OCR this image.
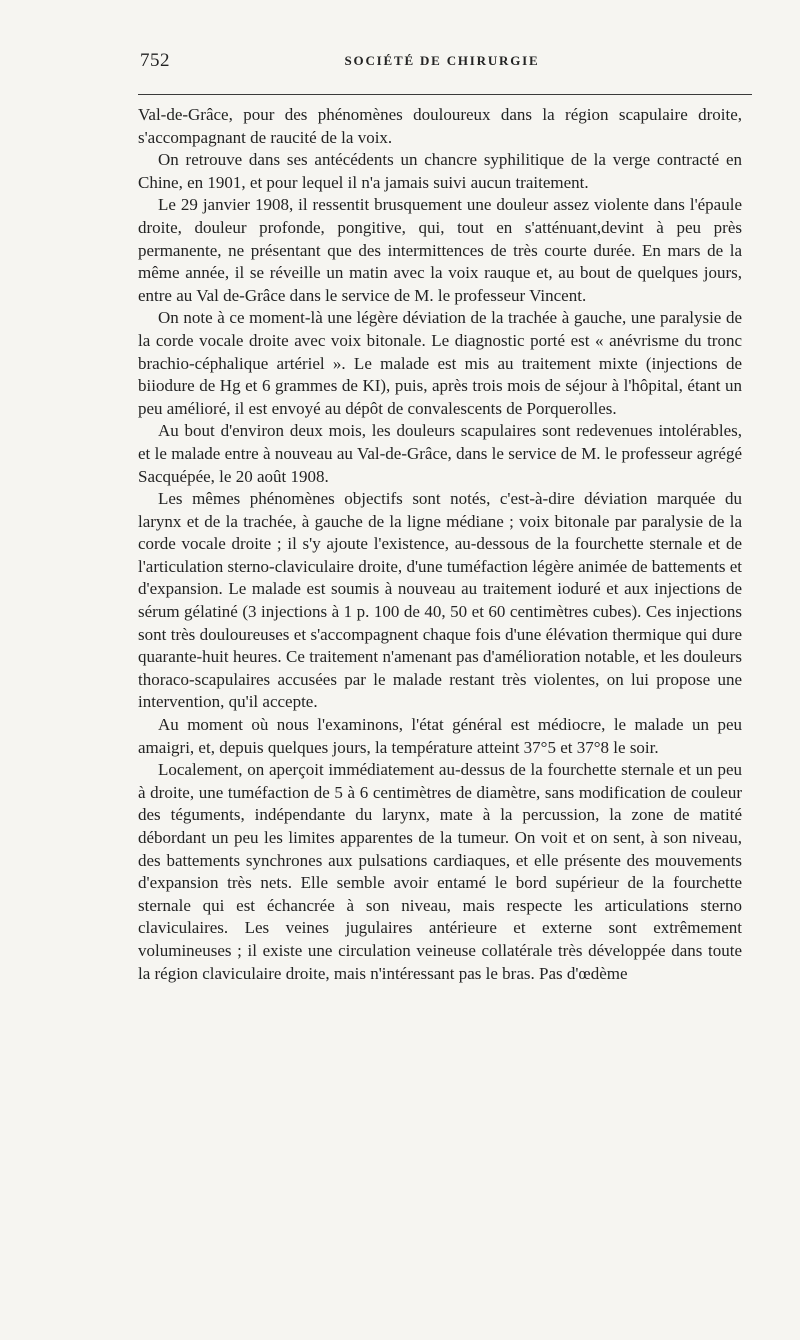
752	SOCIÉTÉ DE CHIRURGIE

Val-de-Grâce, pour des phénomènes douloureux dans la région scapulaire droite, s'accompagnant de raucité de la voix.

On retrouve dans ses antécédents un chancre syphilitique de la verge contracté en Chine, en 1901, et pour lequel il n'a jamais suivi aucun traitement.

Le 29 janvier 1908, il ressentit brusquement une douleur assez violente dans l'épaule droite, douleur profonde, pongitive, qui, tout en s'atténuant,devint à peu près permanente, ne présentant que des intermittences de très courte durée. En mars de la même année, il se réveille un matin avec la voix rauque et, au bout de quelques jours, entre au Val de-Grâce dans le service de M. le professeur Vincent.

On note à ce moment-là une légère déviation de la trachée à gauche, une paralysie de la corde vocale droite avec voix bitonale. Le diagnostic porté est « anévrisme du tronc brachio-céphalique artériel ». Le malade est mis au traitement mixte (injections de biiodure de Hg et 6 grammes de KI), puis, après trois mois de séjour à l'hôpital, étant un peu amélioré, il est envoyé au dépôt de convalescents de Porquerolles.

Au bout d'environ deux mois, les douleurs scapulaires sont redevenues intolérables, et le malade entre à nouveau au Val-de-Grâce, dans le service de M. le professeur agrégé Sacquépée, le 20 août 1908.

Les mêmes phénomènes objectifs sont notés, c'est-à-dire déviation marquée du larynx et de la trachée, à gauche de la ligne médiane ; voix bitonale par paralysie de la corde vocale droite ; il s'y ajoute l'existence, au-dessous de la fourchette sternale et de l'articulation sterno-claviculaire droite, d'une tuméfaction légère animée de battements et d'expansion. Le malade est soumis à nouveau au traitement ioduré et aux injections de sérum gélatiné (3 injections à 1 p. 100 de 40, 50 et 60 centimètres cubes). Ces injections sont très douloureuses et s'accompagnent chaque fois d'une élévation thermique qui dure quarante-huit heures. Ce traitement n'amenant pas d'amélioration notable, et les douleurs thoraco-scapulaires accusées par le malade restant très violentes, on lui propose une intervention, qu'il accepte.

Au moment où nous l'examinons, l'état général est médiocre, le malade un peu amaigri, et, depuis quelques jours, la température atteint 37°5 et 37°8 le soir.

Localement, on aperçoit immédiatement au-dessus de la fourchette sternale et un peu à droite, une tuméfaction de 5 à 6 centimètres de diamètre, sans modification de couleur des téguments, indépendante du larynx, mate à la percussion, la zone de matité débordant un peu les limites apparentes de la tumeur. On voit et on sent, à son niveau, des battements synchrones aux pulsations cardiaques, et elle présente des mouvements d'expansion très nets. Elle semble avoir entamé le bord supérieur de la fourchette sternale qui est échancrée à son niveau, mais respecte les articulations sterno claviculaires. Les veines jugulaires antérieure et externe sont extrêmement volumineuses ; il existe une circulation veineuse collatérale très développée dans toute la région claviculaire droite, mais n'intéressant pas le bras. Pas d'œdème
